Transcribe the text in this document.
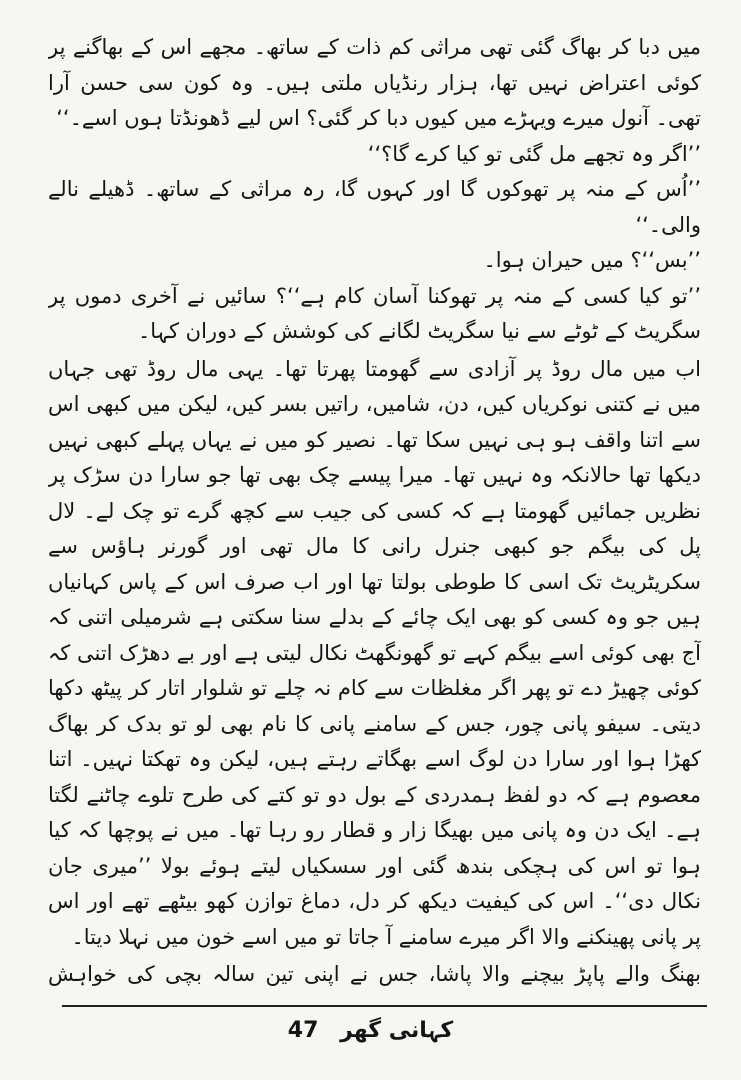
میں دبا کر بھاگ گئی تھی مراثی کم ذات کے ساتھ۔ مجھے اس کے بھاگنے پر کوئی اعتراض نہیں تھا، ہزار رنڈیاں ملتی ہیں۔ وہ کون سی حسن آرا تھی۔ آنول میرے ویہڑے میں کیوں دبا کر گئی؟ اس لیے ڈھونڈتا ہوں اسے۔‘‘

’’اگر وہ تجھے مل گئی تو کیا کرے گا؟‘‘

’’اُس کے منہ پر تھوکوں گا اور کہوں گا، رہ مراثی کے ساتھ۔ ڈھیلے نالے والی۔‘‘

’’بس‘‘؟ میں حیران ہوا۔

’’تو کیا کسی کے منہ پر تھوکنا آسان کام ہے‘‘؟ سائیں نے آخری دموں پر سگریٹ کے ٹوٹے سے نیا سگریٹ لگانے کی کوشش کے دوران کہا۔

اب میں مال روڈ پر آزادی سے گھومتا پھرتا تھا۔ یہی مال روڈ تھی جہاں میں نے کتنی نوکریاں کیں، دن، شامیں، راتیں بسر کیں، لیکن میں کبھی اس سے اتنا واقف ہو ہی نہیں سکا تھا۔ نصیر کو میں نے یہاں پہلے کبھی نہیں دیکھا تھا حالانکہ وہ نہیں تھا۔ میرا پیسے چک بھی تھا جو سارا دن سڑک پر نظریں جمائیں گھومتا ہے کہ کسی کی جیب سے کچھ گرے تو چک لے۔ لال پل کی بیگم جو کبھی جنرل رانی کا مال تھی اور گورنر ہاؤس سے سکریٹریٹ تک اسی کا طوطی بولتا تھا اور اب صرف اس کے پاس کہانیاں ہیں جو وہ کسی کو بھی ایک چائے کے بدلے سنا سکتی ہے شرمیلی اتنی کہ آج بھی کوئی اسے بیگم کہے تو گھونگھٹ نکال لیتی ہے اور بے دھڑک اتنی کہ کوئی چھیڑ دے تو پھر اگر مغلظات سے کام نہ چلے تو شلوار اتار کر پیٹھ دکھا دیتی۔ سیفو پانی چور، جس کے سامنے پانی کا نام بھی لو تو بدک کر بھاگ کھڑا ہوا اور سارا دن لوگ اسے بھگاتے رہتے ہیں، لیکن وہ تھکتا نہیں۔ اتنا معصوم ہے کہ دو لفظ ہمدردی کے بول دو تو کتے کی طرح تلوے چاٹنے لگتا ہے۔ ایک دن وہ پانی میں بھیگا زار و قطار رو رہا تھا۔ میں نے پوچھا کہ کیا ہوا تو اس کی ہچکی بندھ گئی اور سسکیاں لیتے ہوئے بولا ’’میری جان نکال دی‘‘۔ اس کی کیفیت دیکھ کر دل، دماغ توازن کھو بیٹھے تھے اور اس پر پانی پھینکنے والا اگر میرے سامنے آ جاتا تو میں اسے خون میں نہلا دیتا۔

بھنگ والے پاپڑ بیچنے والا پاشا، جس نے اپنی تین سالہ بچی کی خواہش

47 کہانی گھر
